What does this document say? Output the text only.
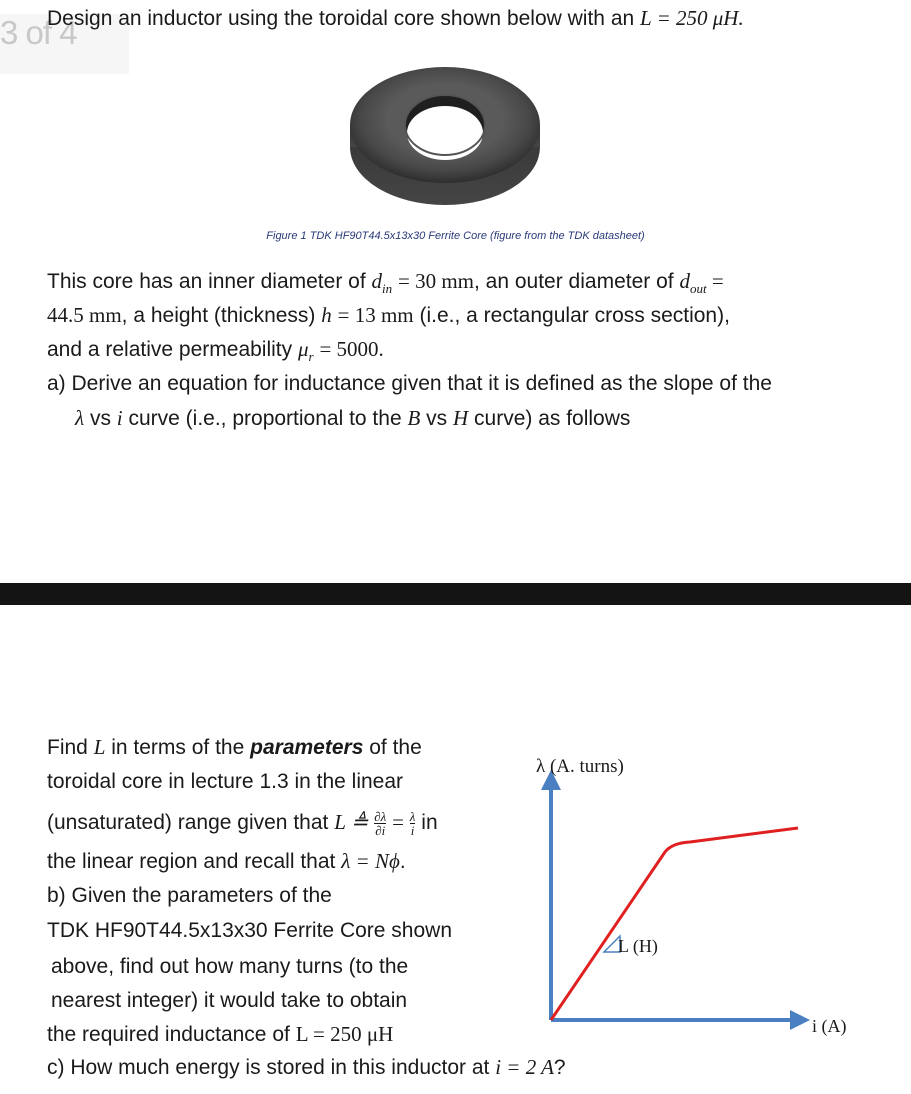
3 of 4
Design an inductor using the toroidal core shown below with an L = 250 μH.
Figure 1 TDK HF90T44.5x13x30 Ferrite Core (figure from the TDK datasheet)
This core has an inner diameter of $d_{in} = 30$ mm, an outer diameter of $d_{out}$ =
44.5 mm, a height (thickness) h = 13 mm (i.e., a rectangular cross section),
and a relative permeability $\mu_r = 5000$.
a) Derive an equation for inductance given that it is defined as the slope of the
λ vs i curve (i.e., proportional to the B vs H curve) as follows
Find L in terms of the parameters of the
toroidal core in lecture 1.3 in the linear
(unsaturated) range given that L ≜ $\frac{\partial\lambda}{\partial i} = \frac{\lambda}{i}$ in
the linear region and recall that λ = Nϕ.
b) Given the parameters of the
TDK HF90T44.5x13x30 Ferrite Core shown
above, find out how many turns (to the
nearest integer) it would take to obtain
the required inductance of L = 250 μH
c) How much energy is stored in this inductor at i = 2 A?
λ (A. turns)
L (H)
i (A)
